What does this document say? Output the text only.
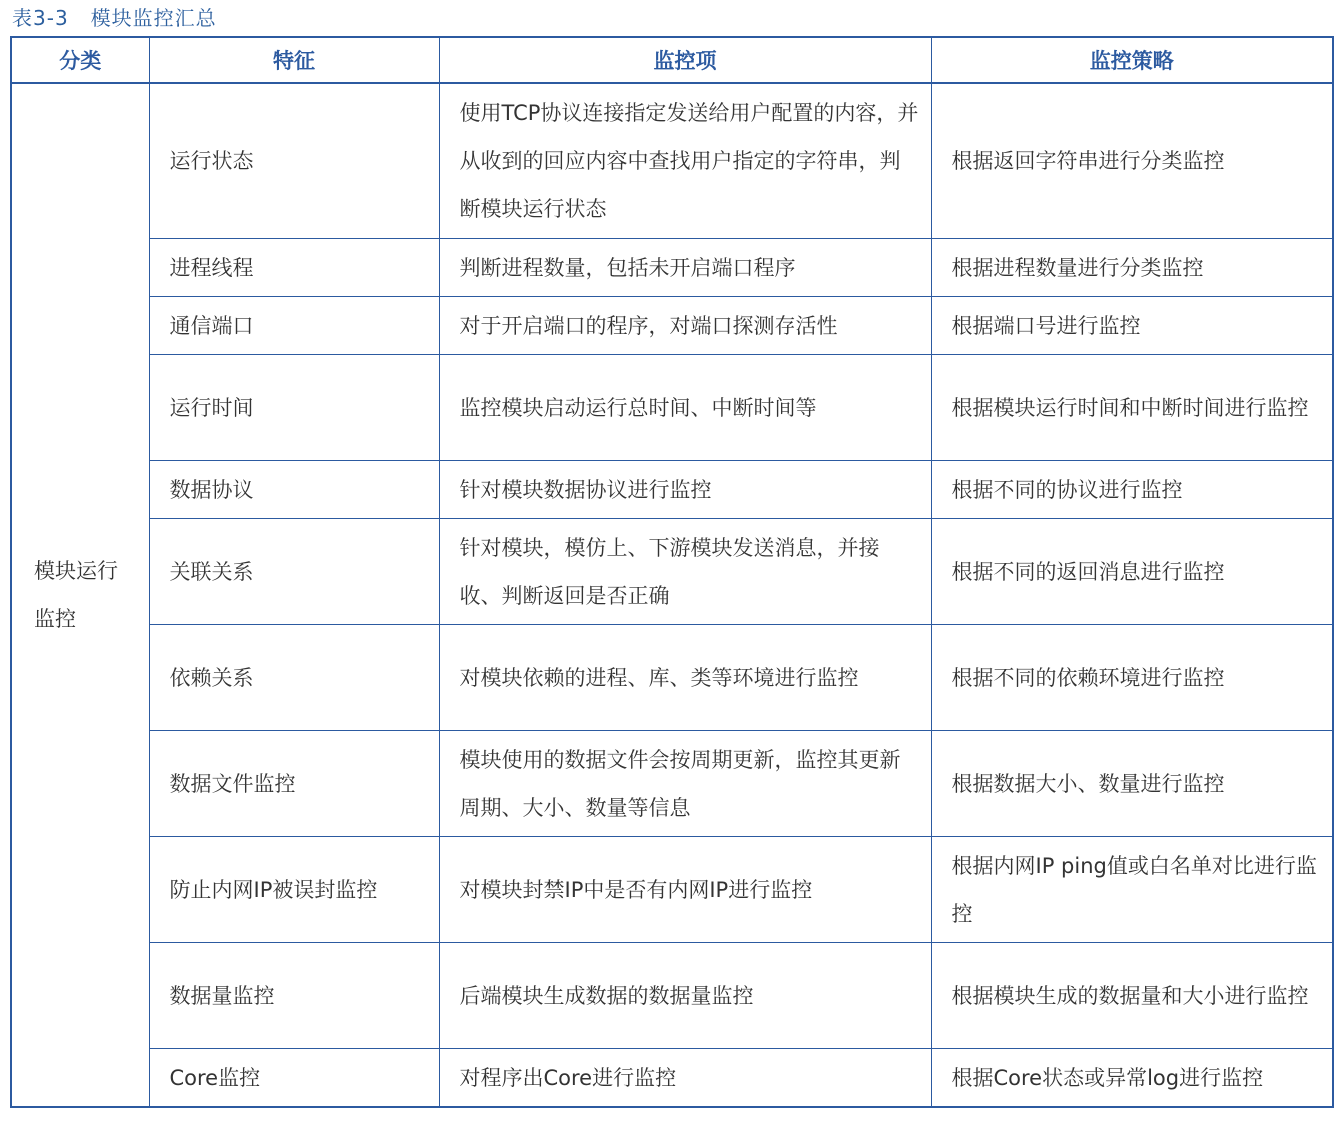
表3-3 模块监控汇总
分类	特征	监控项	监控策略
模块运行监控	运行状态	使用TCP协议连接指定发送给用户配置的内容，并从收到的回应内容中查找用户指定的字符串，判断模块运行状态	根据返回字符串进行分类监控
	进程线程	判断进程数量，包括未开启端口程序	根据进程数量进行分类监控
	通信端口	对于开启端口的程序，对端口探测存活性	根据端口号进行监控
	运行时间	监控模块启动运行总时间、中断时间等	根据模块运行时间和中断时间进行监控
	数据协议	针对模块数据协议进行监控	根据不同的协议进行监控
	关联关系	针对模块，模仿上、下游模块发送消息，并接收、判断返回是否正确	根据不同的返回消息进行监控
	依赖关系	对模块依赖的进程、库、类等环境进行监控	根据不同的依赖环境进行监控
	数据文件监控	模块使用的数据文件会按周期更新，监控其更新周期、大小、数量等信息	根据数据大小、数量进行监控
	防止内网IP被误封监控	对模块封禁IP中是否有内网IP进行监控	根据内网IP ping值或白名单对比进行监控
	数据量监控	后端模块生成数据的数据量监控	根据模块生成的数据量和大小进行监控
	Core监控	对程序出Core进行监控	根据Core状态或异常log进行监控
